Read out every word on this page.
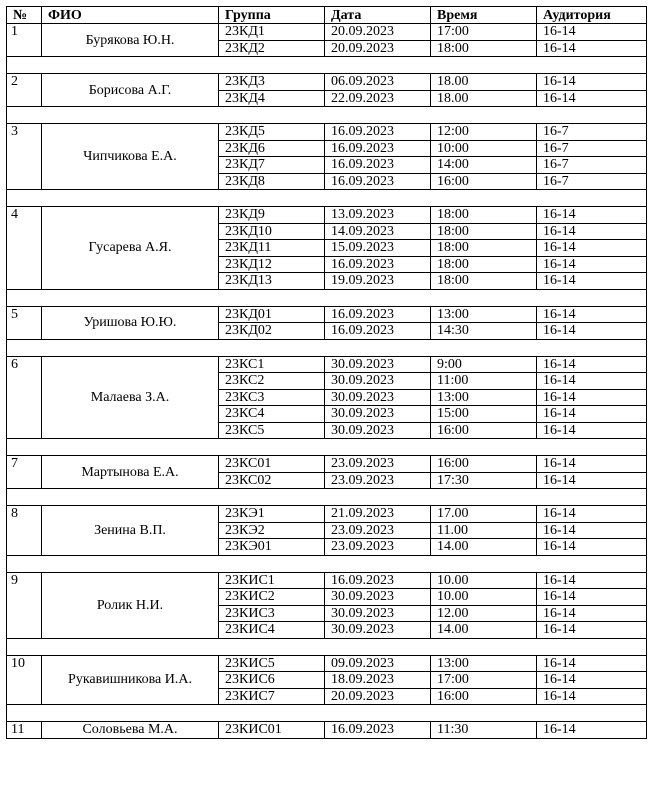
№	ФИО	Группа	Дата	Время	Аудитория
1	Бурякова Ю.Н.	23КД1	20.09.2023	17:00	16-14
		23КД2	20.09.2023	18:00	16-14

2	Борисова А.Г.	23КД3	06.09.2023	18.00	16-14
		23КД4	22.09.2023	18.00	16-14

3	Чипчикова Е.А.	23КД5	16.09.2023	12:00	16-7
		23КД6	16.09.2023	10:00	16-7
		23КД7	16.09.2023	14:00	16-7
		23КД8	16.09.2023	16:00	16-7

4	Гусарева А.Я.	23КД9	13.09.2023	18:00	16-14
		23КД10	14.09.2023	18:00	16-14
		23КД11	15.09.2023	18:00	16-14
		23КД12	16.09.2023	18:00	16-14
		23КД13	19.09.2023	18:00	16-14

5	Уришова Ю.Ю.	23КД01	16.09.2023	13:00	16-14
		23КД02	16.09.2023	14:30	16-14

6	Малаева З.А.	23КС1	30.09.2023	9:00	16-14
		23КС2	30.09.2023	11:00	16-14
		23КС3	30.09.2023	13:00	16-14
		23КС4	30.09.2023	15:00	16-14
		23КС5	30.09.2023	16:00	16-14

7	Мартынова Е.А.	23КС01	23.09.2023	16:00	16-14
		23КС02	23.09.2023	17:30	16-14

8	Зенина В.П.	23КЭ1	21.09.2023	17.00	16-14
		23КЭ2	23.09.2023	11.00	16-14
		23КЭ01	23.09.2023	14.00	16-14

9	Ролик Н.И.	23КИС1	16.09.2023	10.00	16-14
		23КИС2	30.09.2023	10.00	16-14
		23КИС3	30.09.2023	12.00	16-14
		23КИС4	30.09.2023	14.00	16-14

10	Рукавишникова И.А.	23КИС5	09.09.2023	13:00	16-14
		23КИС6	18.09.2023	17:00	16-14
		23КИС7	20.09.2023	16:00	16-14

11	Соловьева М.А.	23КИС01	16.09.2023	11:30	16-14
